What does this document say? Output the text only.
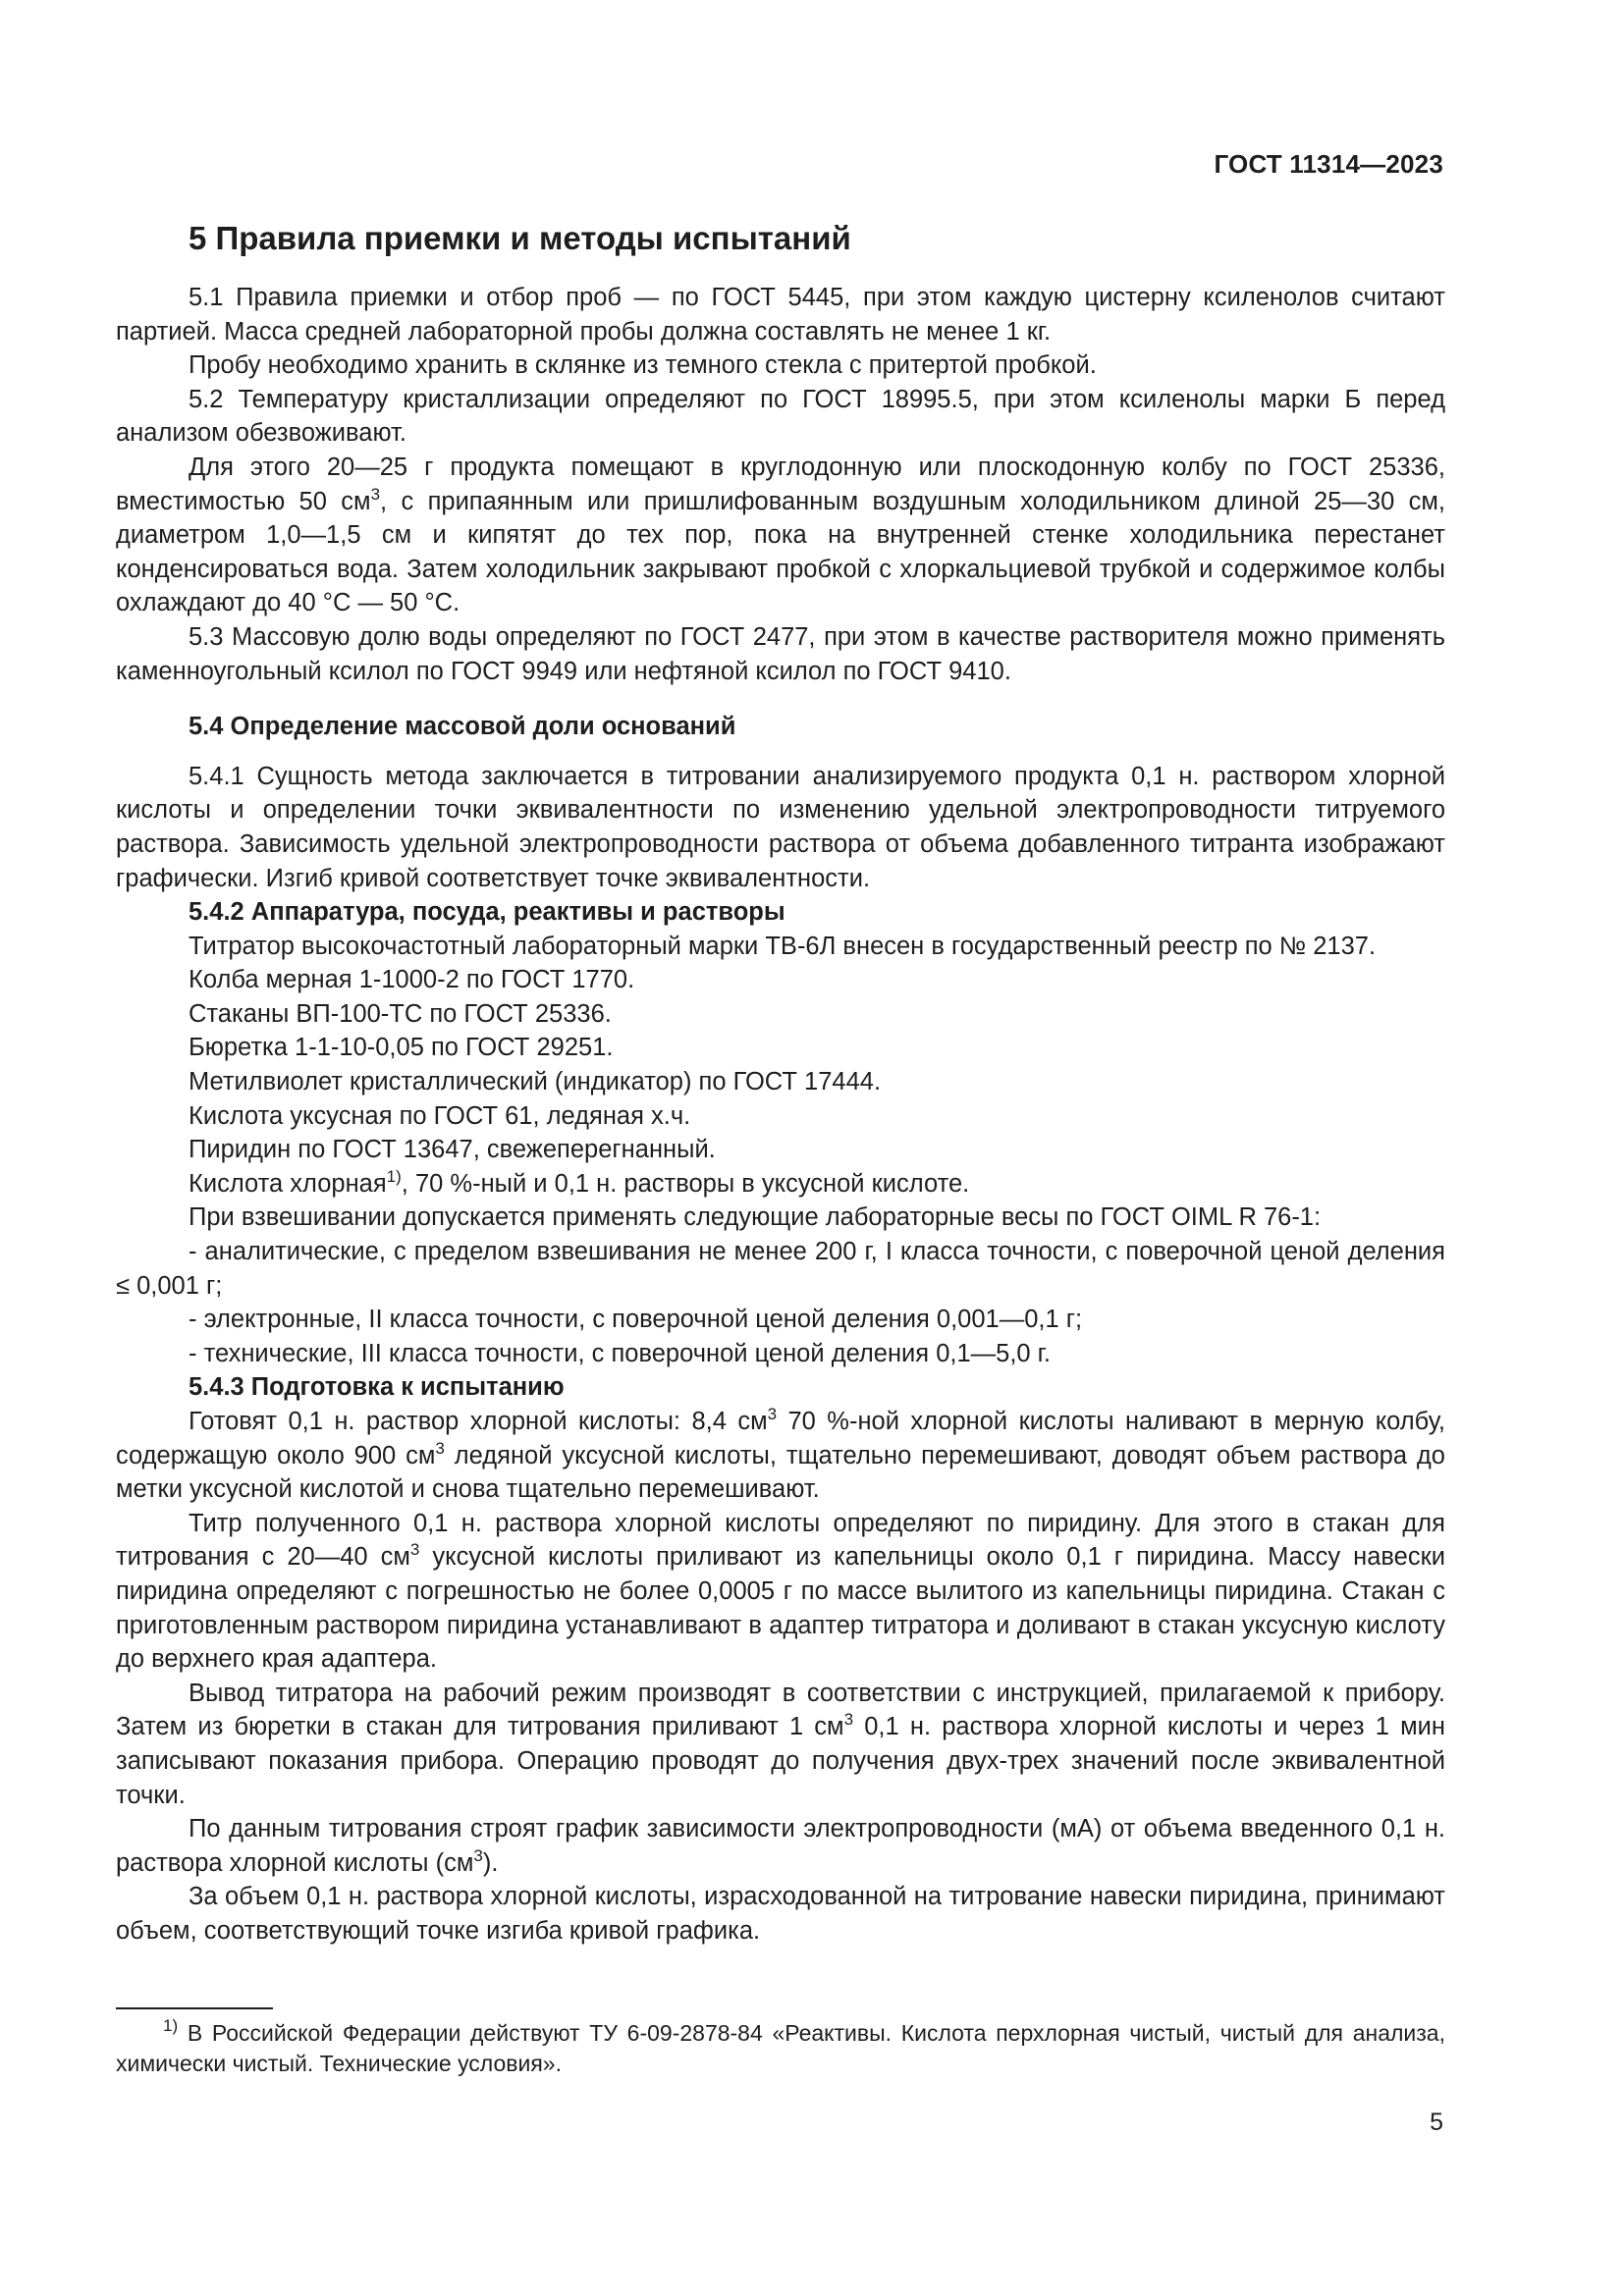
ГОСТ 11314—2023
5 Правила приемки и методы испытаний

5.1 Правила приемки и отбор проб — по ГОСТ 5445, при этом каждую цистерну ксиленолов считают партией. Масса средней лабораторной пробы должна составлять не менее 1 кг.

Пробу необходимо хранить в склянке из темного стекла с притертой пробкой.

5.2 Температуру кристаллизации определяют по ГОСТ 18995.5, при этом ксиленолы марки Б перед анализом обезвоживают.

Для этого 20—25 г продукта помещают в круглодонную или плоскодонную колбу по ГОСТ 25336, вместимостью 50 $см^3$, с припаянным или пришлифованным воздушным холодильником длиной 25—30 см, диаметром 1,0—1,5 см и кипятят до тех пор, пока на внутренней стенке холодильника перестанет конденсироваться вода. Затем холодильник закрывают пробкой с хлоркальциевой трубкой и содержимое колбы охлаждают до 40 °С — 50 °С.

5.3 Массовую долю воды определяют по ГОСТ 2477, при этом в качестве растворителя можно применять каменноугольный ксилол по ГОСТ 9949 или нефтяной ксилол по ГОСТ 9410.

5.4 Определение массовой доли оснований

5.4.1 Сущность метода заключается в титровании анализируемого продукта 0,1 н. раствором хлорной кислоты и определении точки эквивалентности по изменению удельной электропроводности титруемого раствора. Зависимость удельной электропроводности раствора от объема добавленного титранта изображают графически. Изгиб кривой соответствует точке эквивалентности.

5.4.2 Аппаратура, посуда, реактивы и растворы

Титратор высокочастотный лабораторный марки ТВ-6Л внесен в государственный реестр по № 2137.

Колба мерная 1-1000-2 по ГОСТ 1770.

Стаканы ВП-100-ТС по ГОСТ 25336.

Бюретка 1-1-10-0,05 по ГОСТ 29251.

Метилвиолет кристаллический (индикатор) по ГОСТ 17444.

Кислота уксусная по ГОСТ 61, ледяная х.ч.

Пиридин по ГОСТ 13647, свежеперегнанный.

Кислота хлорная$^{1)}$, 70 %-ный и 0,1 н. растворы в уксусной кислоте.

При взвешивании допускается применять следующие лабораторные весы по ГОСТ OIML R 76-1:

- аналитические, с пределом взвешивания не менее 200 г, I класса точности, с поверочной ценой деления ≤ 0,001 г;

- электронные, II класса точности, с поверочной ценой деления 0,001—0,1 г;

- технические, III класса точности, с поверочной ценой деления 0,1—5,0 г.

5.4.3 Подготовка к испытанию

Готовят 0,1 н. раствор хлорной кислоты: 8,4 $см^3$ 70 %-ной хлорной кислоты наливают в мерную колбу, содержащую около 900 $см^3$ ледяной уксусной кислоты, тщательно перемешивают, доводят объем раствора до метки уксусной кислотой и снова тщательно перемешивают.

Титр полученного 0,1 н. раствора хлорной кислоты определяют по пиридину. Для этого в стакан для титрования с 20—40 $см^3$ уксусной кислоты приливают из капельницы около 0,1 г пиридина. Массу навески пиридина определяют с погрешностью не более 0,0005 г по массе вылитого из капельницы пиридина. Стакан с приготовленным раствором пиридина устанавливают в адаптер титратора и доливают в стакан уксусную кислоту до верхнего края адаптера.

Вывод титратора на рабочий режим производят в соответствии с инструкцией, прилагаемой к прибору. Затем из бюретки в стакан для титрования приливают 1 $см^3$ 0,1 н. раствора хлорной кислоты и через 1 мин записывают показания прибора. Операцию проводят до получения двух-трех значений после эквивалентной точки.

По данным титрования строят график зависимости электропроводности (мА) от объема введенного 0,1 н. раствора хлорной кислоты $(см^3)$.

За объем 0,1 н. раствора хлорной кислоты, израсходованной на титрование навески пиридина, принимают объем, соответствующий точке изгиба кривой графика.

$^{1)}$ В Российской Федерации действуют ТУ 6-09-2878-84 «Реактивы. Кислота перхлорная чистый, чистый для анализа, химически чистый. Технические условия».
5
